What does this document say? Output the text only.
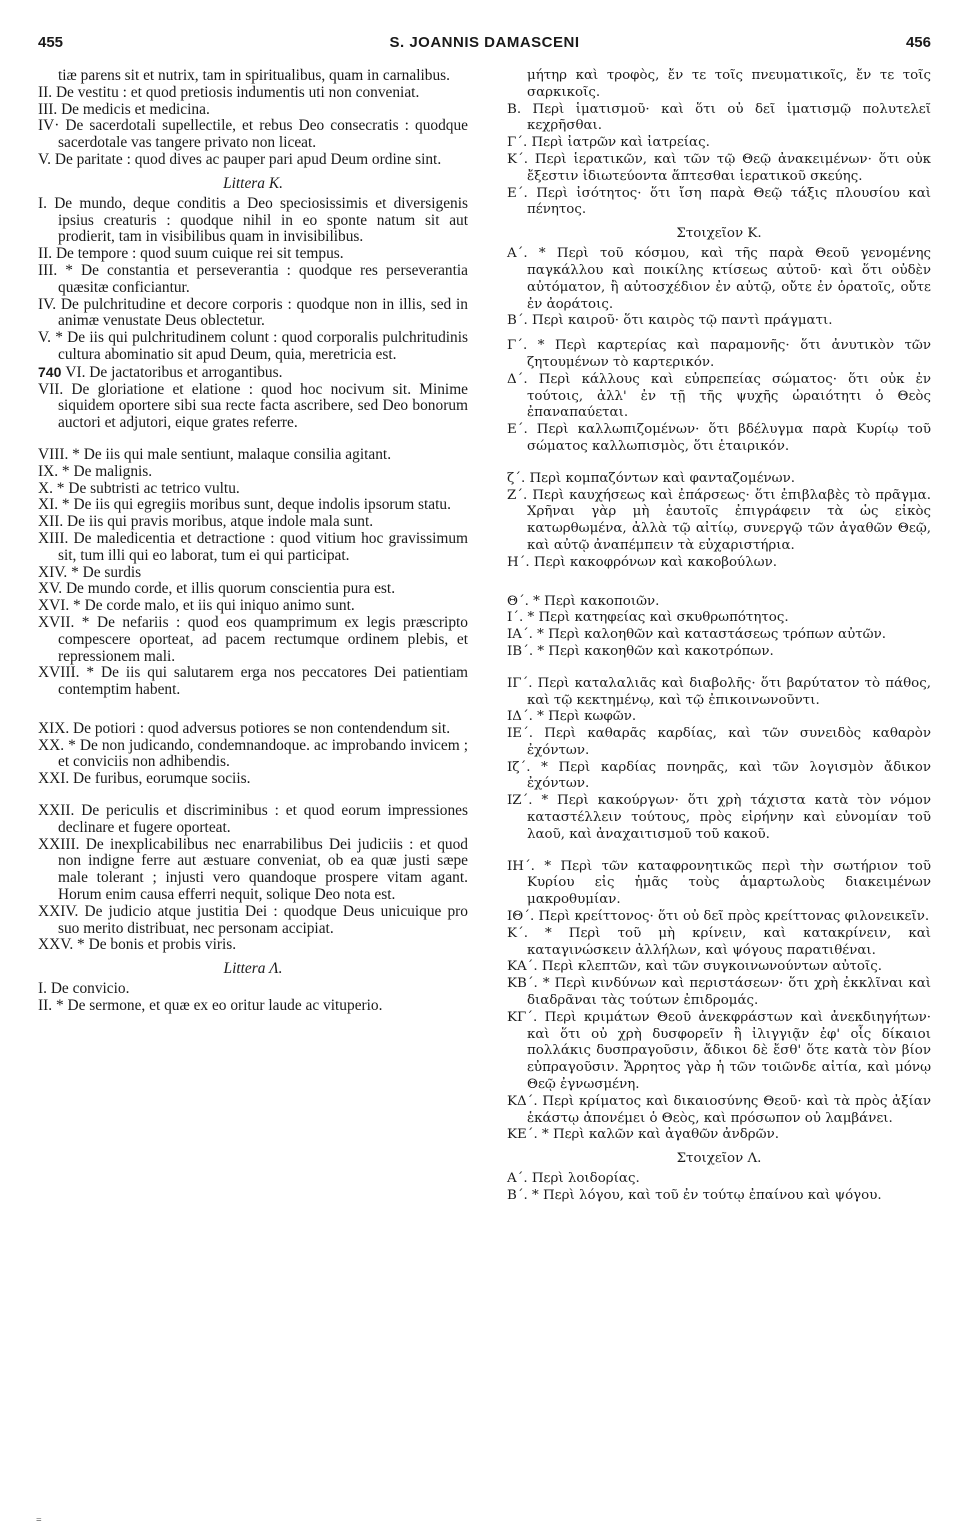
455	S. JOANNIS DAMASCENI	456

tiæ parens sit et nutrix, tam in spiritualibus, quam in carnalibus.

II. De vestitu : et quod pretiosis indumentis uti non conveniat.

III. De medicis et medicina.

IV· De sacerdotali supellectile, et rebus Deo consecratis : quodque sacerdotale vas tangere privato non liceat.

V. De paritate : quod dives ac pauper pari apud Deum ordine sint.

Littera K.

I. De mundo, deque conditis a Deo speciosissimis et diversigenis ipsius creaturis : quodque nihil in eo sponte natum sit aut prodierit, tam in visibilibus quam in invisibilibus.

II. De tempore : quod suum cuique rei sit tempus.

III. * De constantia et perseverantia : quodque res perseverantia quæsitæ conficiantur.

IV. De pulchritudine et decore corporis : quodque non in illis, sed in animæ venustate Deus oblectetur.

V. * De iis qui pulchritudinem colunt : quod corporalis pulchritudinis cultura abominatio sit apud Deum, quia, meretricia est.

740 VI. De jactatoribus et arrogantibus.

VII. De gloriatione et elatione : quod hoc nocivum sit. Minime siquidem oportere sibi sua recte facta ascribere, sed Deo bonorum auctori et adjutori, eique grates referre.

VIII. * De iis qui male sentiunt, malaque consilia agitant.

IX. * De malignis.

X. * De subtristi ac tetrico vultu.

XI. * De iis qui egregiis moribus sunt, deque indolis ipsorum statu.

XII. De iis qui pravis moribus, atque indole mala sunt.

XIII. De maledicentia et detractione : quod vitium hoc gravissimum sit, tum illi qui eo laborat, tum ei qui participat.

XIV. * De surdis

XV. De mundo corde, et illis quorum conscientia pura est.

XVI. * De corde malo, et iis qui iniquo animo sunt.

XVII. * De nefariis : quod eos quamprimum ex legis præscripto compescere oporteat, ad pacem rectumque ordinem plebis, et repressionem mali.

XVIII. * De iis qui salutarem erga nos peccatores Dei patientiam contemptim habent.

XIX. De potiori : quod adversus potiores se non contendendum sit.

XX. * De non judicando, condemnandoque. ac improbando invicem ; et conviciis non adhibendis.

XXI. De furibus, eorumque sociis.

XXII. De periculis et discriminibus : et quod eorum impressiones declinare et fugere oporteat.

XXIII. De inexplicabilibus nec enarrabilibus Dei judiciis : et quod non indigne ferre aut æstuare conveniat, ob ea quæ justi sæpe male tolerant ; injusti vero quandoque prospere vitam agant. Horum enim causa efferri nequit, solique Deo nota est.

XXIV. De judicio atque justitia Dei : quodque Deus unicuique pro suo merito distribuat, nec personam accipiat.

XXV. * De bonis et probis viris.

Littera Λ.

I. De convicio.

II. * De sermone, et quæ ex eo oritur laude ac vituperio.

μήτηρ καὶ τροφὸς, ἔν τε τοῖς πνευματικοῖς, ἔν τε τοῖς σαρκικοῖς.

Β. Περὶ ἱματισμοῦ· καὶ ὅτι οὐ δεῖ ἱματισμῷ πολυτελεῖ κεχρῆσθαι.

Γ΄. Περὶ ἰατρῶν καὶ ἰατρείας.

Κ΄. Περὶ ἱερατικῶν, καὶ τῶν τῷ Θεῷ ἀνακειμένων· ὅτι οὐκ ἔξεστιν ἰδιωτεύοντα ἅπτεσθαι ἱερατικοῦ σκεύης.

Ε΄. Περὶ ἰσότητος· ὅτι ἴση παρὰ Θεῷ τάξις πλουσίου καὶ πένητος.

Στοιχεῖον Κ.

Α΄. * Περὶ τοῦ κόσμου, καὶ τῆς παρὰ Θεοῦ γενομένης παγκάλλου καὶ ποικίλης κτίσεως αὐτοῦ· καὶ ὅτι οὐδὲν αὐτόματον, ἢ αὐτοσχέδιον ἐν αὐτῷ, οὔτε ἐν ὁρατοῖς, οὔτε ἐν ἀοράτοις.

Β΄. Περὶ καιροῦ· ὅτι καιρὸς τῷ παντὶ πράγματι.

Γ΄. * Περὶ καρτερίας καὶ παραμονῆς· ὅτι ἀνυτικὸν τῶν ζητουμένων τὸ καρτερικόν.

Δ΄. Περὶ κάλλους καὶ εὐπρεπείας σώματος· ὅτι οὐκ ἐν τούτοις, ἀλλ' ἐν τῇ τῆς ψυχῆς ὡραιότητι ὁ Θεὸς ἐπαναπαύεται.

Ε΄. Περὶ καλλωπιζομένων· ὅτι βδέλυγμα παρὰ Κυρίῳ τοῦ σώματος καλλωπισμὸς, ὅτι ἑταιρικόν.

ζ΄. Περὶ κομπαζόντων καὶ φανταζομένων.

Ζ΄. Περὶ καυχήσεως καὶ ἐπάρσεως· ὅτι ἐπιβλαβὲς τὸ πρᾶγμα. Χρῆναι γὰρ μὴ ἑαυτοῖς ἐπιγράφειν τὰ ὡς εἰκὸς κατωρθωμένα, ἀλλὰ τῷ αἰτίῳ, συνεργῷ τῶν ἀγαθῶν Θεῷ, καὶ αὐτῷ ἀναπέμπειν τὰ εὐχαριστήρια.

Η΄. Περὶ κακοφρόνων καὶ κακοβούλων.

Θ΄. * Περὶ κακοποιῶν.

Ι΄. * Περὶ κατηφείας καὶ σκυθρωπότητος.

ΙΑ΄. * Περὶ καλοηθῶν καὶ καταστάσεως τρόπων αὐτῶν.

ΙΒ΄. * Περὶ κακοηθῶν καὶ κακοτρόπων.

ΙΓ΄. Περὶ καταλαλιᾶς καὶ διαβολῆς· ὅτι βαρύτατον τὸ πάθος, καὶ τῷ κεκτημένῳ, καὶ τῷ ἐπικοινωνοῦντι.

ΙΔ΄. * Περὶ κωφῶν.

ΙΕ΄. Περὶ καθαρᾶς καρδίας, καὶ τῶν συνειδὸς καθαρὸν ἐχόντων.

Ιζ΄. * Περὶ καρδίας πονηρᾶς, καὶ τῶν λογισμὸν ἄδικον ἐχόντων.

ΙΖ΄. * Περὶ κακούργων· ὅτι χρὴ τάχιστα κατὰ τὸν νόμον καταστέλλειν τούτους, πρὸς εἰρήνην καὶ εὐνομίαν τοῦ λαοῦ, καὶ ἀναχαιτισμοῦ τοῦ κακοῦ.

ΙΗ΄. * Περὶ τῶν καταφρονητικῶς περὶ τὴν σωτήριον τοῦ Κυρίου εἰς ἡμᾶς τοὺς ἁμαρτωλοὺς διακειμένων μακροθυμίαν.

ΙΘ΄. Περὶ κρείττονος· ὅτι οὐ δεῖ πρὸς κρείττονας φιλονεικεῖν.

Κ΄. * Περὶ τοῦ μὴ κρίνειν, καὶ κατακρίνειν, καὶ καταγινώσκειν ἀλλήλων, καὶ ψόγους παρατιθέναι.

ΚΑ΄. Περὶ κλεπτῶν, καὶ τῶν συγκοινωνούντων αὐτοῖς.

ΚΒ΄. * Περὶ κινδύνων καὶ περιστάσεων· ὅτι χρὴ ἐκκλῖναι καὶ διαδρᾶναι τὰς τούτων ἐπιδρομάς.

ΚΓ΄. Περὶ κριμάτων Θεοῦ ἀνεκφράστων καὶ ἀνεκδιηγήτων· καὶ ὅτι οὐ χρὴ δυσφορεῖν ἢ ἰλιγγιᾷν ἐφ' οἷς δίκαιοι πολλάκις δυσπραγοῦσιν, ἄδικοι δὲ ἔσθ' ὅτε κατὰ τὸν βίον εὐπραγοῦσιν. Ἄρρητος γὰρ ἡ τῶν τοιῶνδε αἰτία, καὶ μόνῳ Θεῷ ἐγνωσμένη.

ΚΔ΄. Περὶ κρίματος καὶ δικαιοσύνης Θεοῦ· καὶ τὰ πρὸς ἀξίαν ἑκάστῳ ἀπονέμει ὁ Θεὸς, καὶ πρόσωπον οὐ λαμβάνει.

ΚΕ΄. * Περὶ καλῶν καὶ ἀγαθῶν ἀνδρῶν.

Στοιχεῖον Λ.

Α΄. Περὶ λοιδορίας.

Β΄. * Περὶ λόγου, καὶ τοῦ ἐν τούτῳ ἐπαίνου καὶ ψόγου.

=
